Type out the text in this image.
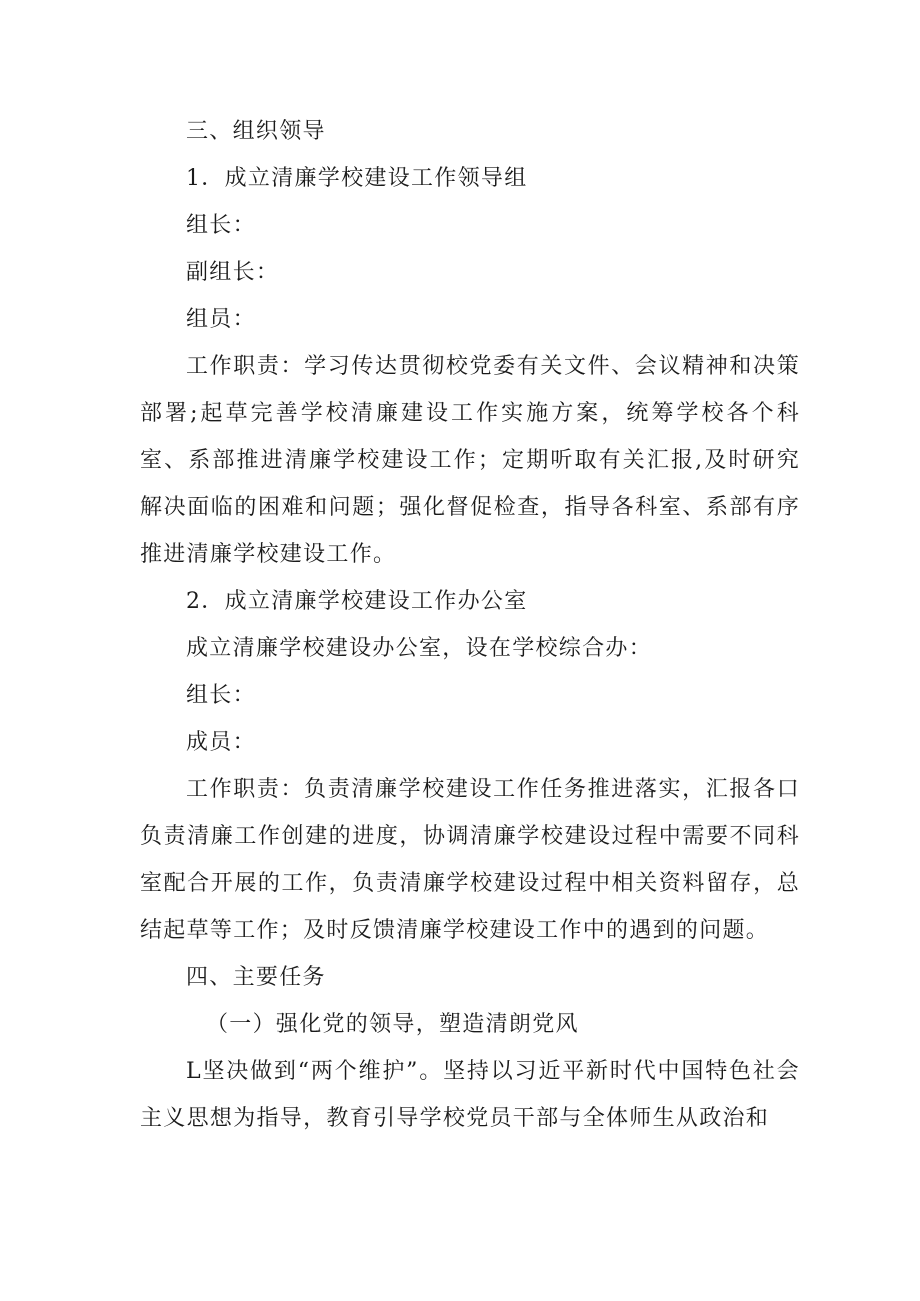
三、组织领导

1．成立清廉学校建设工作领导组

组长：

副组长：

组员：

工作职责：学习传达贯彻校党委有关文件、会议精神和决策部署;起草完善学校清廉建设工作实施方案，统筹学校各个科室、系部推进清廉学校建设工作；定期听取有关汇报,及时研究解决面临的困难和问题；强化督促检查，指导各科室、系部有序推进清廉学校建设工作。

2．成立清廉学校建设工作办公室

成立清廉学校建设办公室，设在学校综合办：

组长：

成员：

工作职责：负责清廉学校建设工作任务推进落实，汇报各口负责清廉工作创建的进度，协调清廉学校建设过程中需要不同科室配合开展的工作，负责清廉学校建设过程中相关资料留存，总结起草等工作；及时反馈清廉学校建设工作中的遇到的问题。

四、主要任务

（一）强化党的领导，塑造清朗党风

L坚决做到“两个维护”。坚持以习近平新时代中国特色社会主义思想为指导，教育引导学校党员干部与全体师生从政治和
